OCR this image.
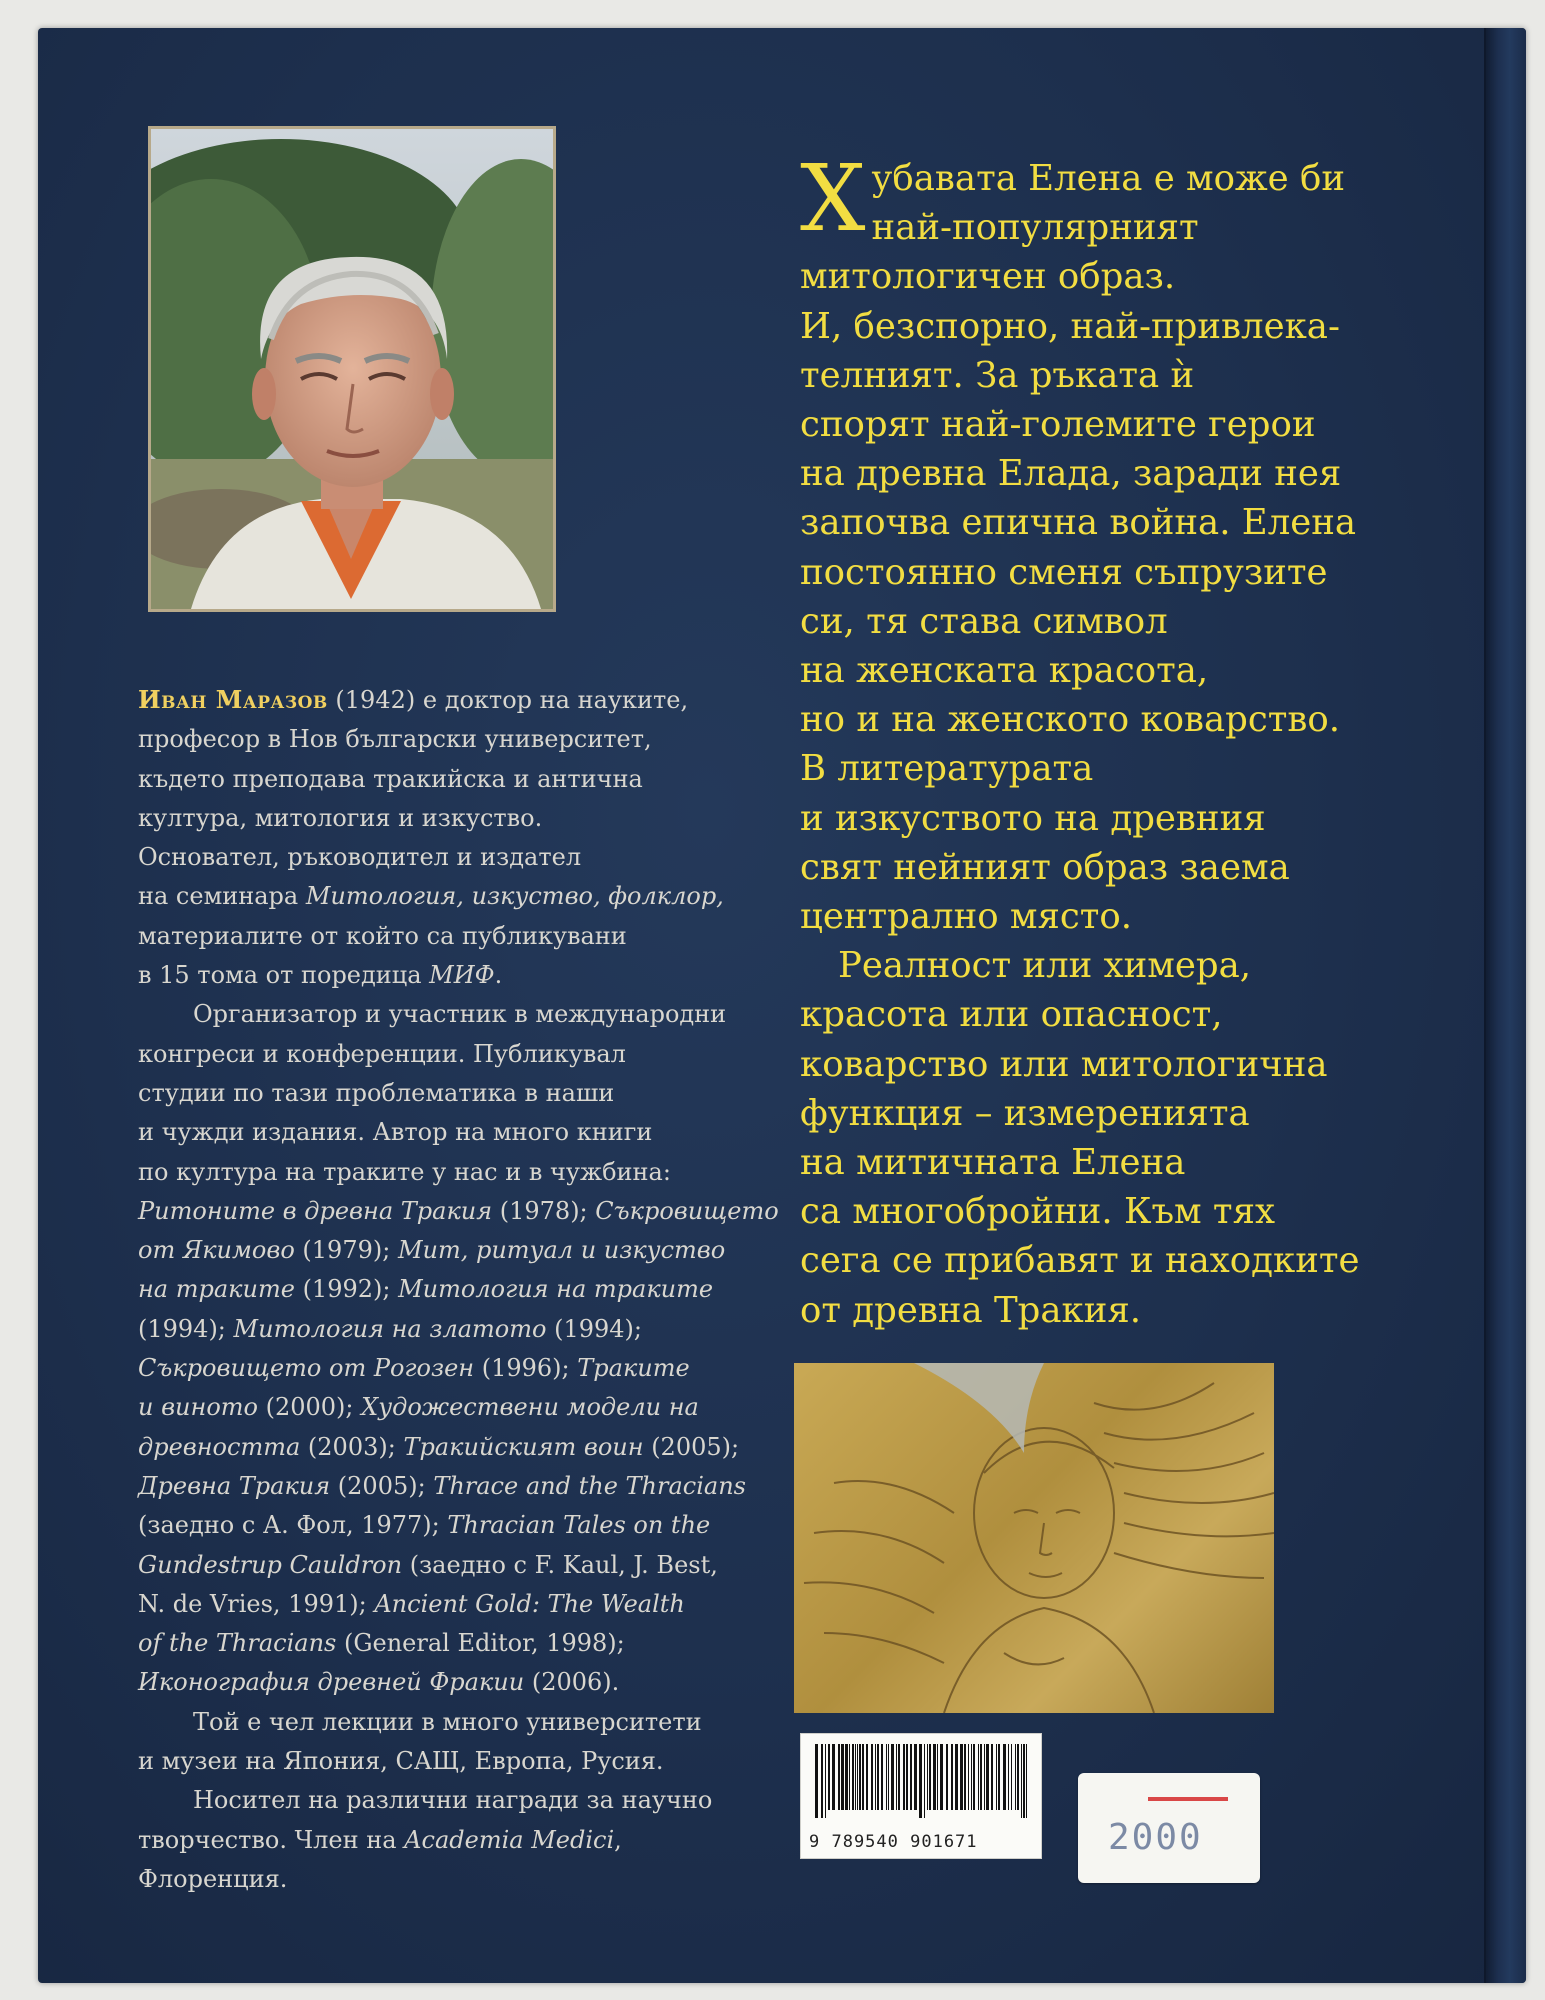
Иван Маразов (1942) е доктор на науките,
професор в Нов български университет,
където преподава тракийска и антична
култура, митология и изкуство.

Основател, ръководител и издател
на семинара Митология, изкуство, фолклор,
материалите от който са публикувани
в 15 тома от поредица МИФ.

Организатор и участник в международни
конгреси и конференции. Публикувал
студии по тази проблематика в наши
и чужди издания. Автор на много книги
по култура на траките у нас и в чужбина:
Ритоните в древна Тракия (1978); Съкровището
от Якимово (1979); Мит, ритуал и изкуство
на траките (1992); Митология на траките
(1994); Митология на златото (1994);
Съкровището от Рогозен (1996); Траките
и виното (2000); Художествени модели на
древността (2003); Тракийският воин (2005);
Древна Тракия (2005); Thrace and the Thracians
(заедно с А. Фол, 1977); Thracian Tales on the
Gundestrup Cauldron (заедно с F. Kaul, J. Best,
N. de Vries, 1991); Ancient Gold: The Wealth
of the Thracians (General Editor, 1998);
Иконография древней Фракии (2006).

Той е чел лекции в много университети
и музеи на Япония, САЩ, Европа, Русия.

Носител на различни награди за научно
творчество. Член на Academia Medici,
Флоренция.

Х убавата Елена е може би
най-популярният
митологичен образ.
И, безспорно, най-привлека-
телният. За ръката ѝ
спорят най-големите герои
на древна Елада, заради нея
започва епична война. Елена
постоянно сменя съпрузите
си, тя става символ
на женската красота,
но и на женското коварство.
В литературата
и изкуството на древния
свят нейният образ заема
централно място.
Реалност или химера,
красота или опасност,
коварство или митологична
функция – измеренията
на митичната Елена
са многобройни. Към тях
сега се прибавят и находките
от древна Тракия.
9 789540 901671	2000
